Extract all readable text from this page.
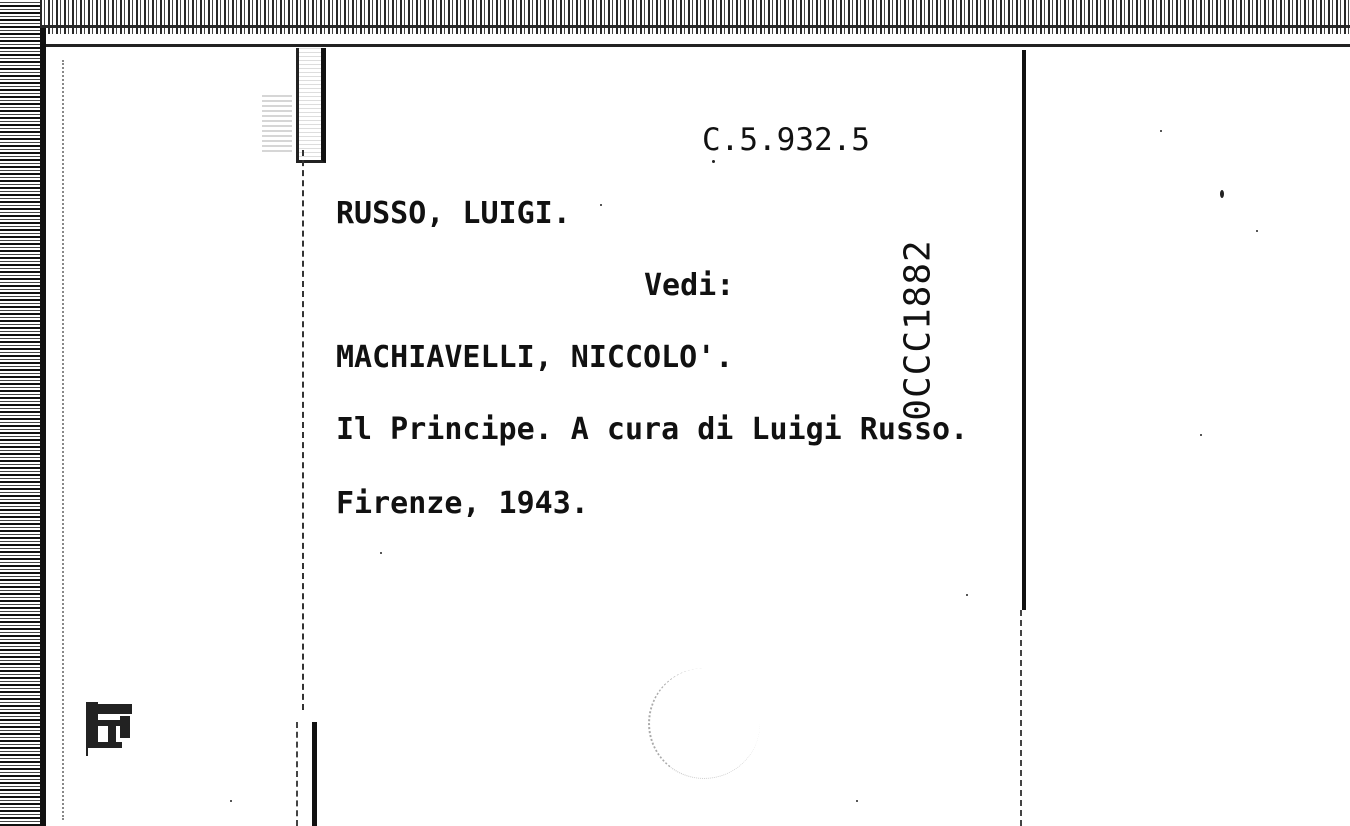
C.5.932.5
RUSSO, LUIGI.
Vedi:
MACHIAVELLI, NICCOLO'.
Il Principe. A cura di Luigi Russo.
Firenze, 1943.
0CCC1882
